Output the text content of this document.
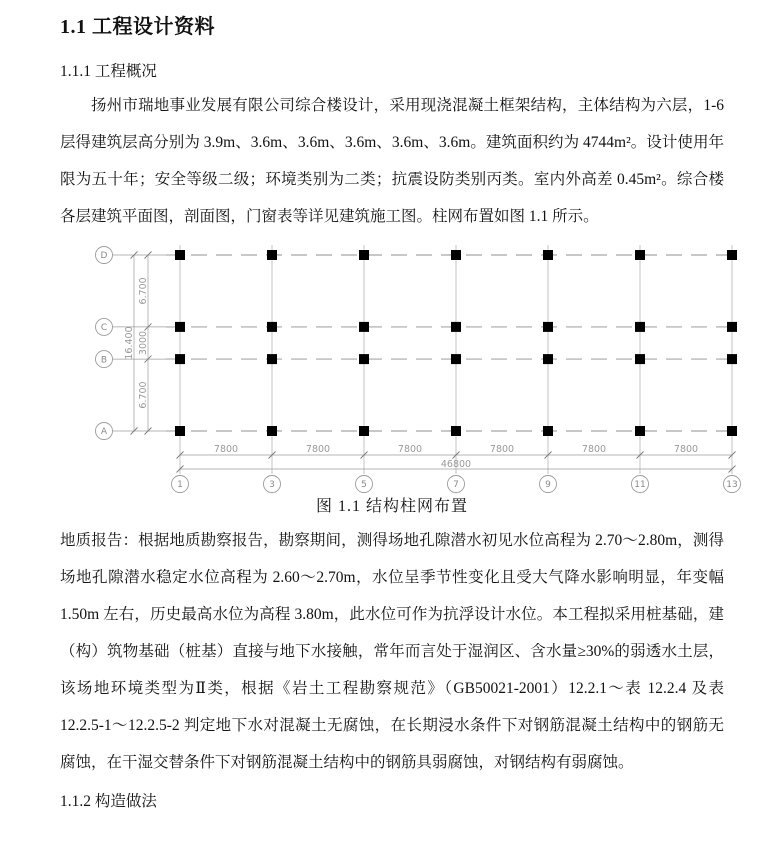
1.1 工程设计资料
1.1.1 工程概况

扬州市瑞地事业发展有限公司综合楼设计，采用现浇混凝土框架结构，主体结构为六层，1-6 层得建筑层高分别为 3.9m、3.6m、3.6m、3.6m、3.6m、3.6m。建筑面积约为 4744m²。设计使用年限为五十年；安全等级二级；环境类别为二类；抗震设防类别丙类。室内外高差 0.45m²。综合楼各层建筑平面图，剖面图，门窗表等详见建筑施工图。柱网布置如图 1.1 所示。

D
C
B
A
6.700
3000
6.700
16.400
7800	7800	7800	7800	7800	7800
46800
1	3	5	7	9	11	13
图 1.1 结构柱网布置

地质报告：根据地质勘察报告，勘察期间，测得场地孔隙潜水初见水位高程为 2.70～2.80m，测得场地孔隙潜水稳定水位高程为 2.60～2.70m，水位呈季节性变化且受大气降水影响明显，年变幅 1.50m 左右，历史最高水位为高程 3.80m，此水位可作为抗浮设计水位。本工程拟采用桩基础，建（构）筑物基础（桩基）直接与地下水接触，常年而言处于湿润区、含水量≥30%的弱透水土层，该场地环境类型为Ⅱ类，根据《岩土工程勘察规范》（GB50021-2001）12.2.1～表 12.2.4 及表 12.2.5-1～12.2.5-2 判定地下水对混凝土无腐蚀，在长期浸水条件下对钢筋混凝土结构中的钢筋无腐蚀，在干湿交替条件下对钢筋混凝土结构中的钢筋具弱腐蚀，对钢结构有弱腐蚀。

1.1.2 构造做法
